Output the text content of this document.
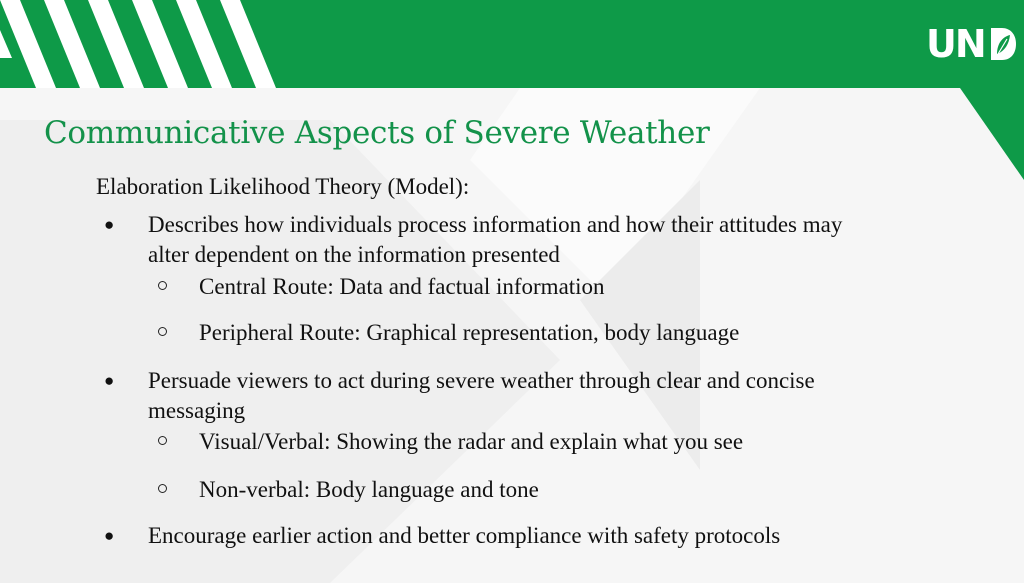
UN
Communicative Aspects of Severe Weather
Elaboration Likelihood Theory (Model):
● Describes how individuals process information and how their attitudes may
alter dependent on the information presented
Central Route: Data and factual information
Peripheral Route: Graphical representation, body language
● Persuade viewers to act during severe weather through clear and concise
messaging
Visual/Verbal: Showing the radar and explain what you see
Non-verbal: Body language and tone
● Encourage earlier action and better compliance with safety protocols
